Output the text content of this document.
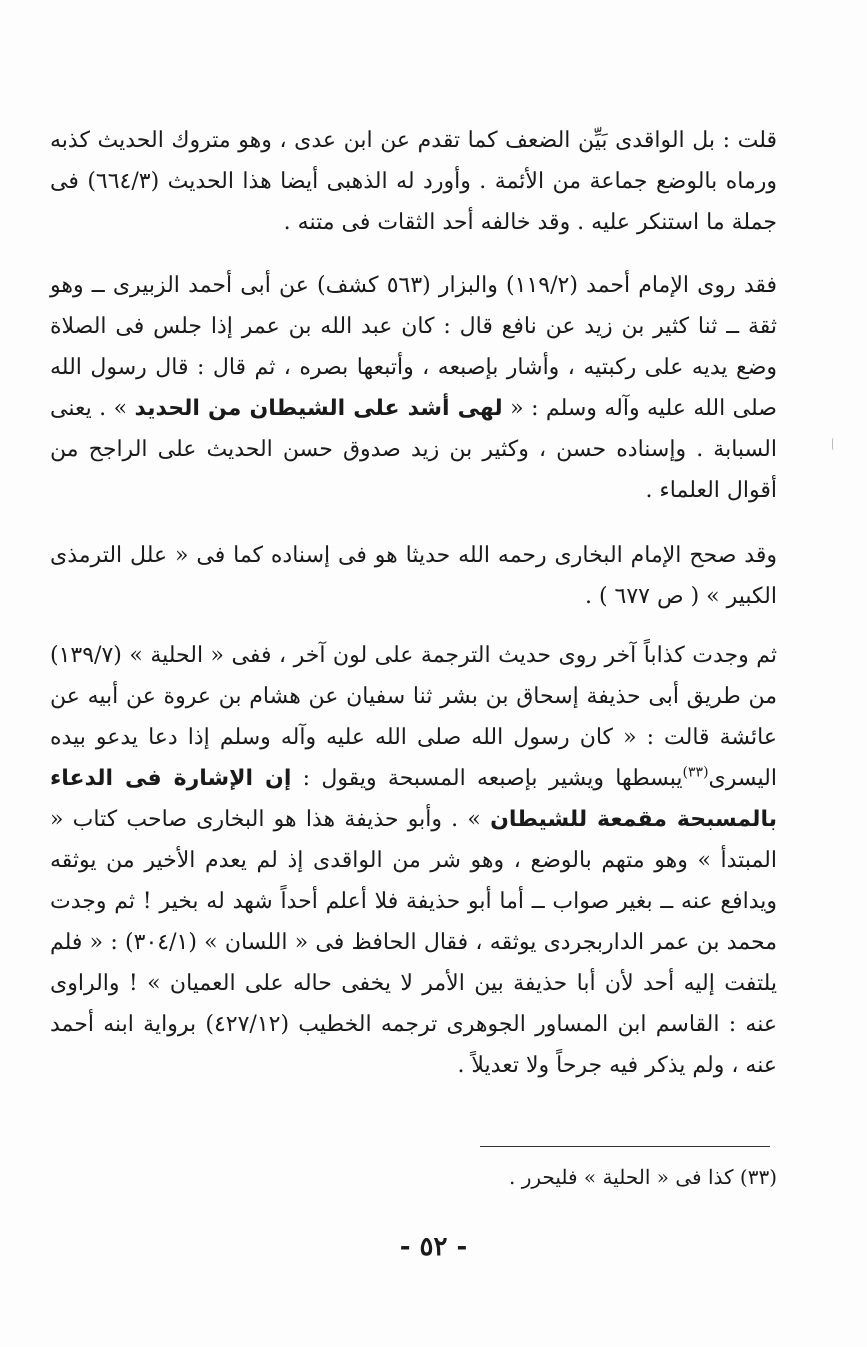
قلت : بل الواقدى بَيِّن الضعف كما تقدم عن ابن عدى ، وهو متروك الحديث كذبه ورماه بالوضع جماعة من الأئمة . وأورد له الذهبى أيضا هذا الحديث (٦٦٤/٣) فى جملة ما استنكر عليه . وقد خالفه أحد الثقات فى متنه .

فقد روى الإمام أحمد (١١٩/٢) والبزار (٥٦٣ كشف) عن أبى أحمد الزبيرى ــ وهو ثقة ــ ثنا كثير بن زيد عن نافع قال : كان عبد الله بن عمر إذا جلس فى الصلاة وضع يديه على ركبتيه ، وأشار بإصبعه ، وأتبعها بصره ، ثم قال : قال رسول الله صلى الله عليه وآله وسلم : « لهى أشد على الشيطان من الحديد » . يعنى السبابة . وإسناده حسن ، وكثير بن زيد صدوق حسن الحديث على الراجح من أقوال العلماء .

وقد صحح الإمام البخارى رحمه الله حديثا هو فى إسناده كما فى « علل الترمذى الكبير » ( ص ٦٧٧ ) .

ثم وجدت كذاباً آخر روى حديث الترجمة على لون آخر ، ففى « الحلية » (١٣٩/٧) من طريق أبى حذيفة إسحاق بن بشر ثنا سفيان عن هشام بن عروة عن أبيه عن عائشة قالت : « كان رسول الله صلى الله عليه وآله وسلم إذا دعا يدعو بيده اليسرى$^{(٣٣)}$يبسطها ويشير بإصبعه المسبحة ويقول : إن الإشارة فى الدعاء بالمسبحة مقمعة للشيطان » . وأبو حذيفة هذا هو البخارى صاحب كتاب « المبتدأ » وهو متهم بالوضع ، وهو شر من الواقدى إذ لم يعدم الأخير من يوثقه ويدافع عنه ــ بغير صواب ــ أما أبو حذيفة فلا أعلم أحداً شهد له بخير ! ثم وجدت محمد بن عمر الداربجردى يوثقه ، فقال الحافظ فى « اللسان » (٣٠٤/١) : « فلم يلتفت إليه أحد لأن أبا حذيفة بين الأمر لا يخفى حاله على العميان » ! والراوى عنه : القاسم ابن المساور الجوهرى ترجمه الخطيب (٤٢٧/١٢) برواية ابنه أحمد عنه ، ولم يذكر فيه جرحاً ولا تعديلاً .

(٣٣) كذا فى « الحلية » فليحرر .

- ٥٢ -
